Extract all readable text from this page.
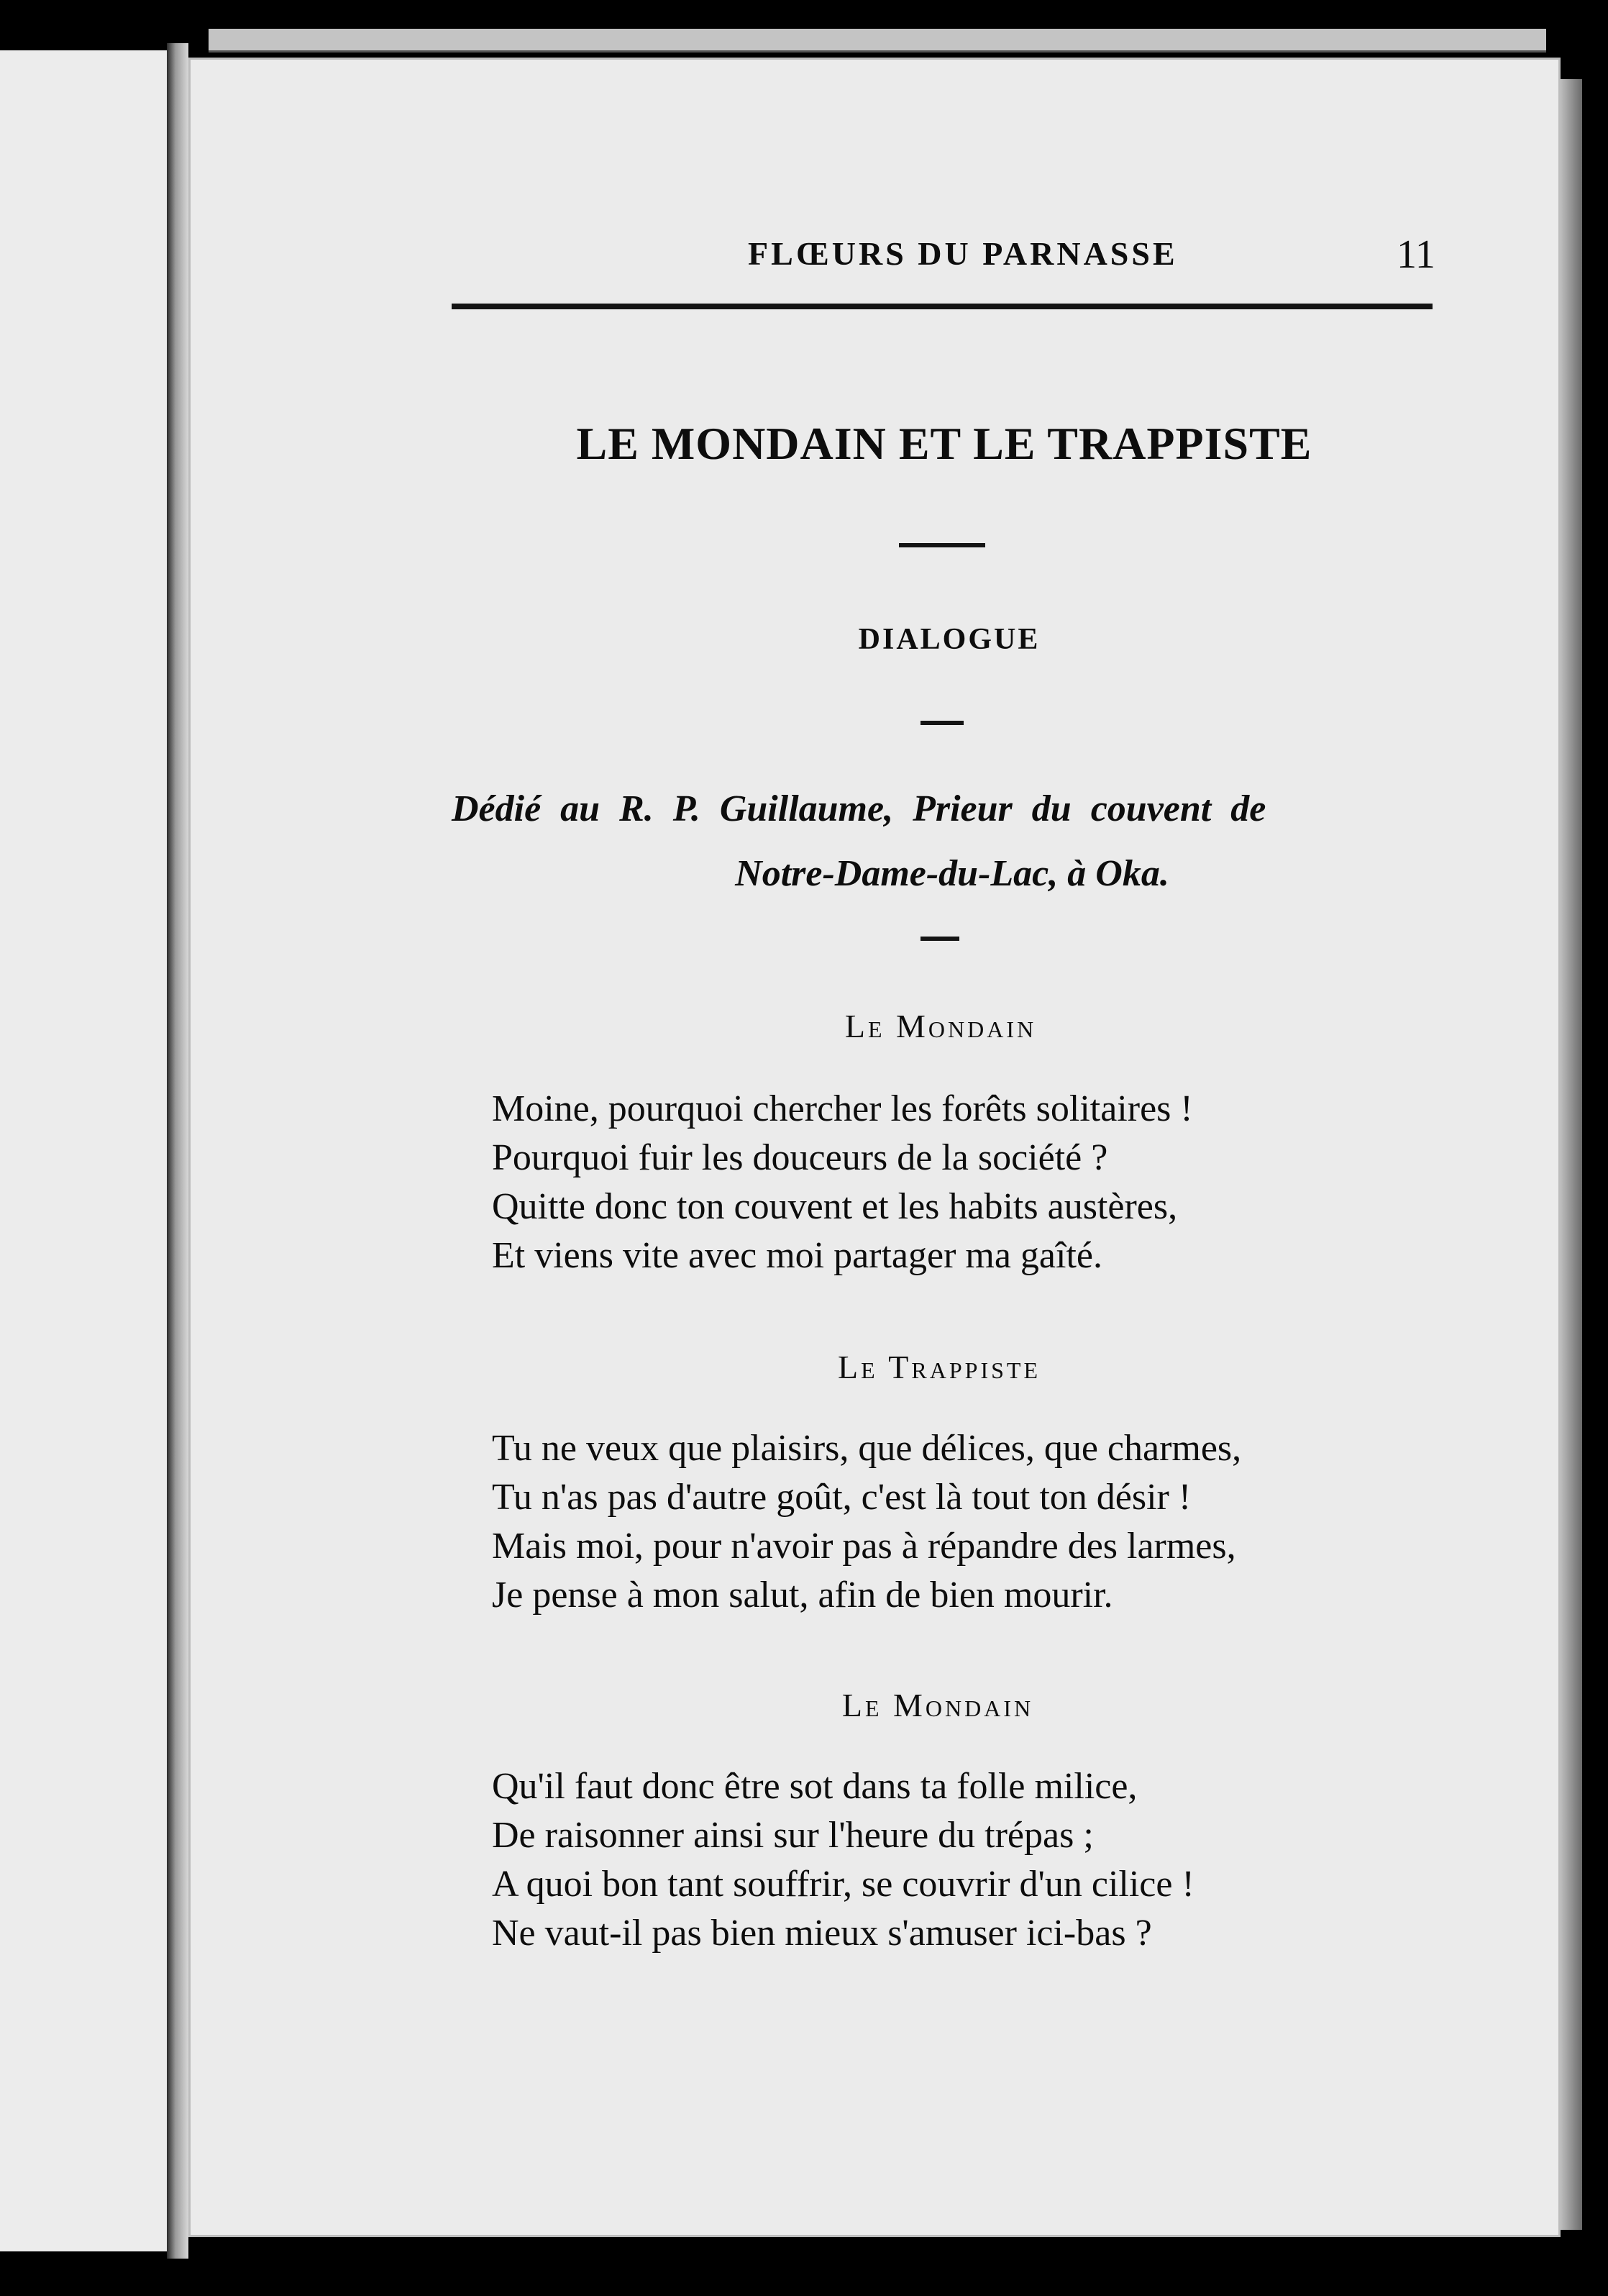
FLŒURS DU PARNASSE	11
LE MONDAIN ET LE TRAPPISTE
DIALOGUE
Dédié au R. P. Guillaume, Prieur du couvent de
Notre-Dame-du-Lac, à Oka.
Le Mondain
Moine, pourquoi chercher les forêts solitaires !
Pourquoi fuir les douceurs de la société ?
Quitte donc ton couvent et les habits austères,
Et viens vite avec moi partager ma gaîté.
Le Trappiste
Tu ne veux que plaisirs, que délices, que charmes,
Tu n'as pas d'autre goût, c'est là tout ton désir !
Mais moi, pour n'avoir pas à répandre des larmes,
Je pense à mon salut, afin de bien mourir.
Le Mondain
Qu'il faut donc être sot dans ta folle milice,
De raisonner ainsi sur l'heure du trépas ;
A quoi bon tant souffrir, se couvrir d'un cilice !
Ne vaut-il pas bien mieux s'amuser ici-bas ?
